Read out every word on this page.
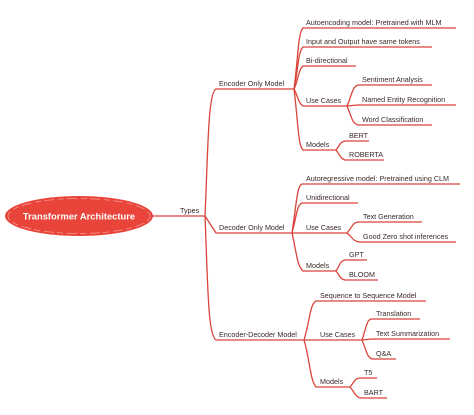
Transformer Architecture	Types
Encoder Only Model
Autoencoding model: Pretrained with MLM
Input and Output have same tokens
Bi-directional
Use Cases
Sentiment Analysis
Named Entity Recognition
Word Classification
Models
BERT
ROBERTA
Decoder Only Model
Autoregressive model: Pretrained using CLM
Unidirectional
Use Cases
Text Generation
Good Zero shot inferences
Models
GPT
BLOOM
Encoder-Decoder Model
Sequence to Sequence Model
Use Cases
Translation
Text Summarization
Q&A
Models
T5
BART
